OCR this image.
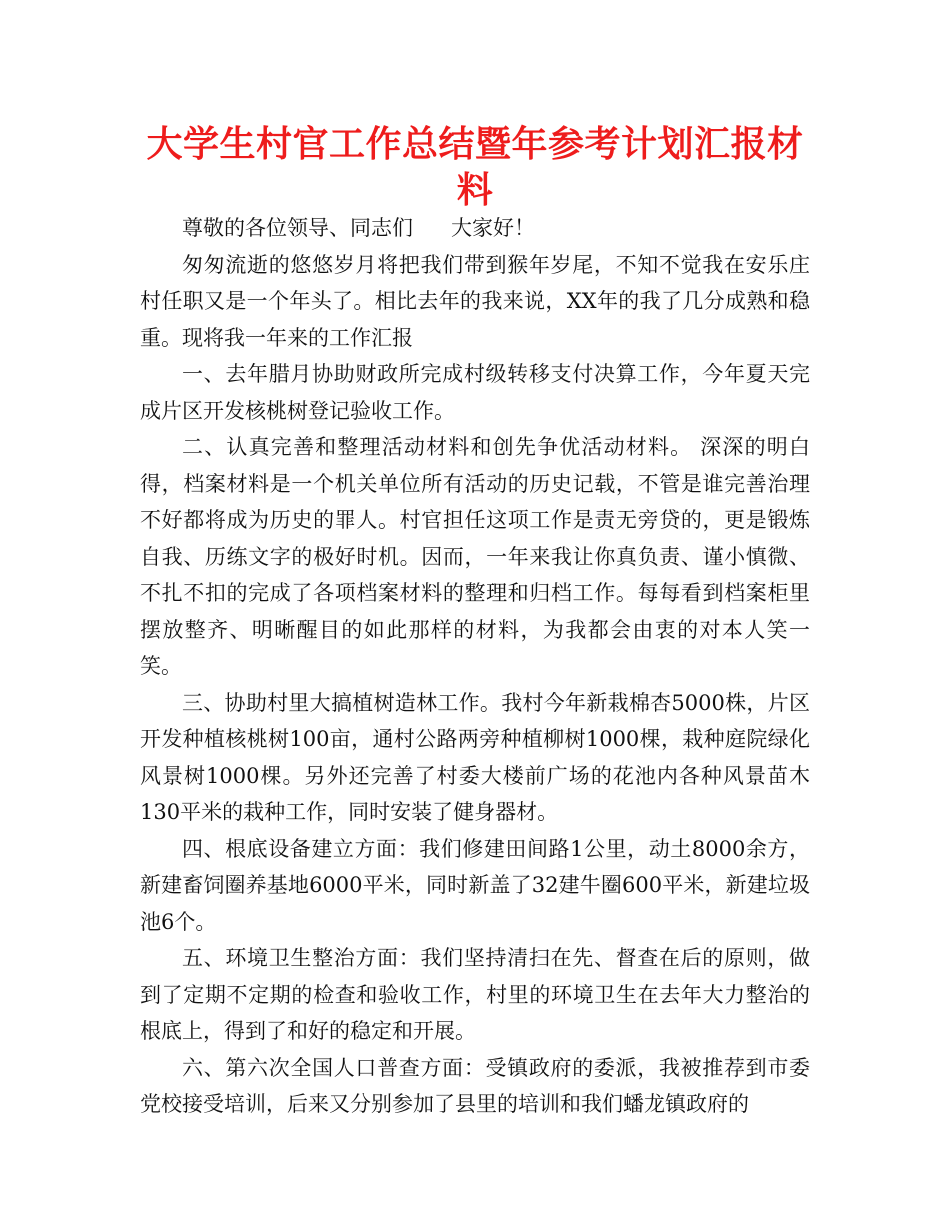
大学生村官工作总结暨年参考计划汇报材料

尊敬的各位领导、同志们 大家好！

匆匆流逝的悠悠岁月将把我们带到猴年岁尾，不知不觉我在安乐庄村任职又是一个年头了。相比去年的我来说，XX年的我了几分成熟和稳重。现将我一年来的工作汇报

一、去年腊月协助财政所完成村级转移支付决算工作，今年夏天完成片区开发核桃树登记验收工作。

二、认真完善和整理活动材料和创先争优活动材料。 深深的明白得，档案材料是一个机关单位所有活动的历史记载，不管是谁完善治理不好都将成为历史的罪人。村官担任这项工作是责无旁贷的，更是锻炼自我、历练文字的极好时机。因而，一年来我让你真负责、谨小慎微、不扎不扣的完成了各项档案材料的整理和归档工作。每每看到档案柜里摆放整齐、明晰醒目的如此那样的材料，为我都会由衷的对本人笑一笑。

三、协助村里大搞植树造林工作。我村今年新栽棉杏5000株，片区开发种植核桃树100亩，通村公路两旁种植柳树1000棵，栽种庭院绿化风景树1000棵。另外还完善了村委大楼前广场的花池内各种风景苗木130平米的栽种工作，同时安装了健身器材。

四、根底设备建立方面：我们修建田间路1公里，动土8000余方，新建畜饲圈养基地6000平米，同时新盖了32建牛圈600平米，新建垃圾池6个。

五、环境卫生整治方面：我们坚持清扫在先、督查在后的原则，做到了定期不定期的检查和验收工作，村里的环境卫生在去年大力整治的根底上，得到了和好的稳定和开展。

六、第六次全国人口普查方面：受镇政府的委派，我被推荐到市委党校接受培训，后来又分别参加了县里的培训和我们蟠龙镇政府的
